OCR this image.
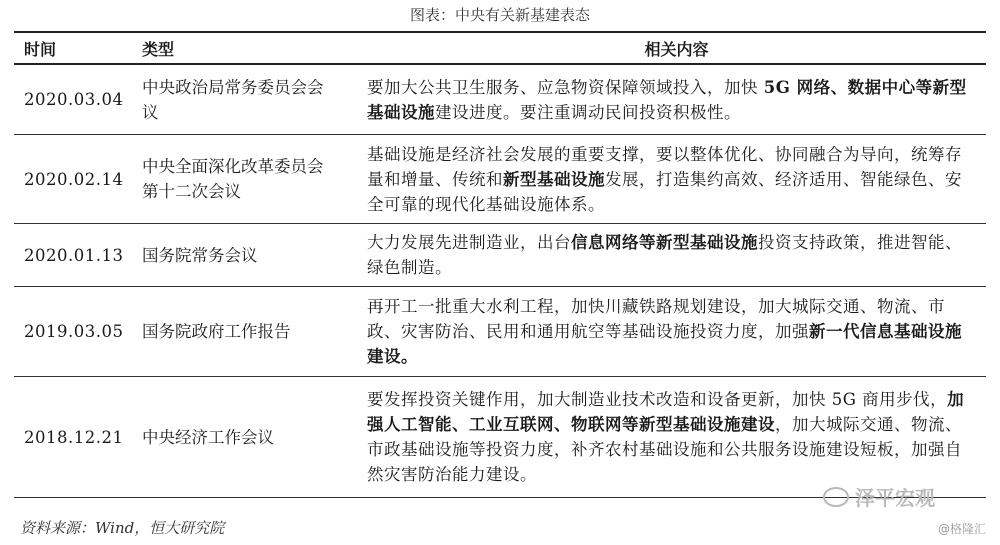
图表：中央有关新基建表态
时间	类型	相关内容
2020.03.04	中央政治局常务委员会会议	要加大公共卫生服务、应急物资保障领域投入，加快 5G 网络、数据中心等新型基础设施建设进度。要注重调动民间投资积极性。
2020.02.14	中央全面深化改革委员会第十二次会议	基础设施是经济社会发展的重要支撑，要以整体优化、协同融合为导向，统筹存量和增量、传统和新型基础设施发展，打造集约高效、经济适用、智能绿色、安全可靠的现代化基础设施体系。
2020.01.13	国务院常务会议	大力发展先进制造业，出台信息网络等新型基础设施投资支持政策，推进智能、绿色制造。
2019.03.05	国务院政府工作报告	再开工一批重大水利工程，加快川藏铁路规划建设，加大城际交通、物流、市政、灾害防治、民用和通用航空等基础设施投资力度，加强新一代信息基础设施建设。
2018.12.21	中央经济工作会议	要发挥投资关键作用，加大制造业技术改造和设备更新，加快 5G 商用步伐，加强人工智能、工业互联网、物联网等新型基础设施建设，加大城际交通、物流、市政基础设施等投资力度，补齐农村基础设施和公共服务设施建设短板，加强自然灾害防治能力建设。
泽平宏观
资料来源：Wind，恒大研究院	@格隆汇
